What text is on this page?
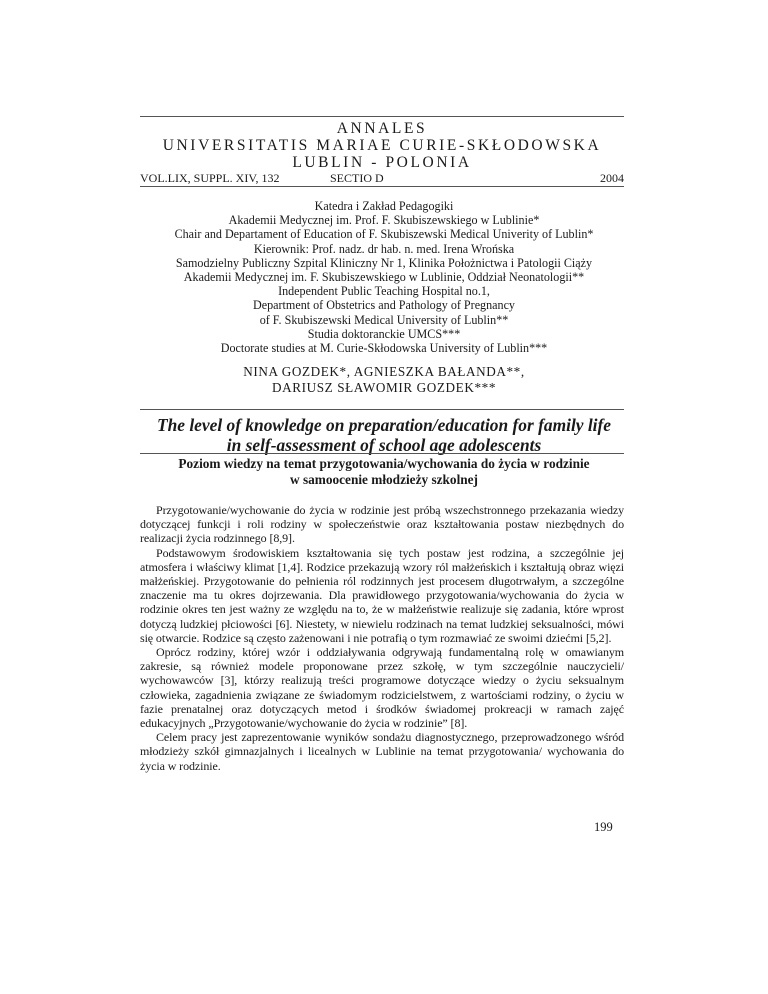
ANNALES
UNIVERSITATIS MARIAE CURIE-SKŁODOWSKA
LUBLIN - POLONIA
VOL.LIX, SUPPL. XIV, 132	SECTIO D	2004
Katedra i Zakład Pedagogiki
Akademii Medycznej im. Prof. F. Skubiszewskiego w Lublinie*
Chair and Departament of Education of F. Skubiszewski Medical Univerity of Lublin*
Kierownik: Prof. nadz. dr hab. n. med. Irena Wrońska
Samodzielny Publiczny Szpital Kliniczny Nr 1, Klinika Położnictwa i Patologii Ciąży
Akademii Medycznej im. F. Skubiszewskiego w Lublinie, Oddział Neonatologii**
Independent Public Teaching Hospital no.1,
Department of Obstetrics and Pathology of Pregnancy
of F. Skubiszewski Medical University of Lublin**
Studia doktoranckie UMCS***
Doctorate studies at M. Curie-Skłodowska University of Lublin***
NINA GOZDEK*, AGNIESZKA BAŁANDA**,
DARIUSZ SŁAWOMIR GOZDEK***
The level of knowledge on preparation/education for family life
in self-assessment of school age adolescents
Poziom wiedzy na temat przygotowania/wychowania do życia w rodzinie
w samoocenie młodzieży szkolnej

Przygotowanie/wychowanie do życia w rodzinie jest próbą wszechstronnego przekazania wiedzy dotyczącej funkcji i roli rodziny w społeczeństwie oraz kształtowania postaw niezbędnych do realizacji życia rodzinnego [8,9].

Podstawowym środowiskiem kształtowania się tych postaw jest rodzina, a szczególnie jej atmosfera i właściwy klimat [1,4]. Rodzice przekazują wzory ról małżeńskich i kształtują obraz więzi małżeńskiej. Przygotowanie do pełnienia ról rodzinnych jest procesem długotrwałym, a szczególne znaczenie ma tu okres dojrzewania. Dla prawidłowego przygotowania/wychowania do życia w rodzinie okres ten jest ważny ze względu na to, że w małżeństwie realizuje się zadania, które wprost dotyczą ludzkiej płciowości [6]. Niestety, w niewielu rodzinach na temat ludzkiej seksualności, mówi się otwarcie. Rodzice są często zażenowani i nie potrafią o tym rozmawiać ze swoimi dziećmi [5,2].

Oprócz rodziny, której wzór i oddziaływania odgrywają fundamentalną rolę w omawianym zakresie, są również modele proponowane przez szkołę, w tym szczególnie nauczycieli/ wychowawców [3], którzy realizują treści programowe dotyczące wiedzy o życiu seksualnym człowieka, zagadnienia związane ze świadomym rodzicielstwem, z wartościami rodziny, o życiu w fazie prenatalnej oraz dotyczących metod i środków świadomej prokreacji w ramach zajęć edukacyjnych „Przygotowanie/wychowanie do życia w rodzinie” [8].

Celem pracy jest zaprezentowanie wyników sondażu diagnostycznego, przeprowadzonego wśród młodzieży szkół gimnazjalnych i licealnych w Lublinie na temat przygotowania/ wychowania do życia w rodzinie.

199
